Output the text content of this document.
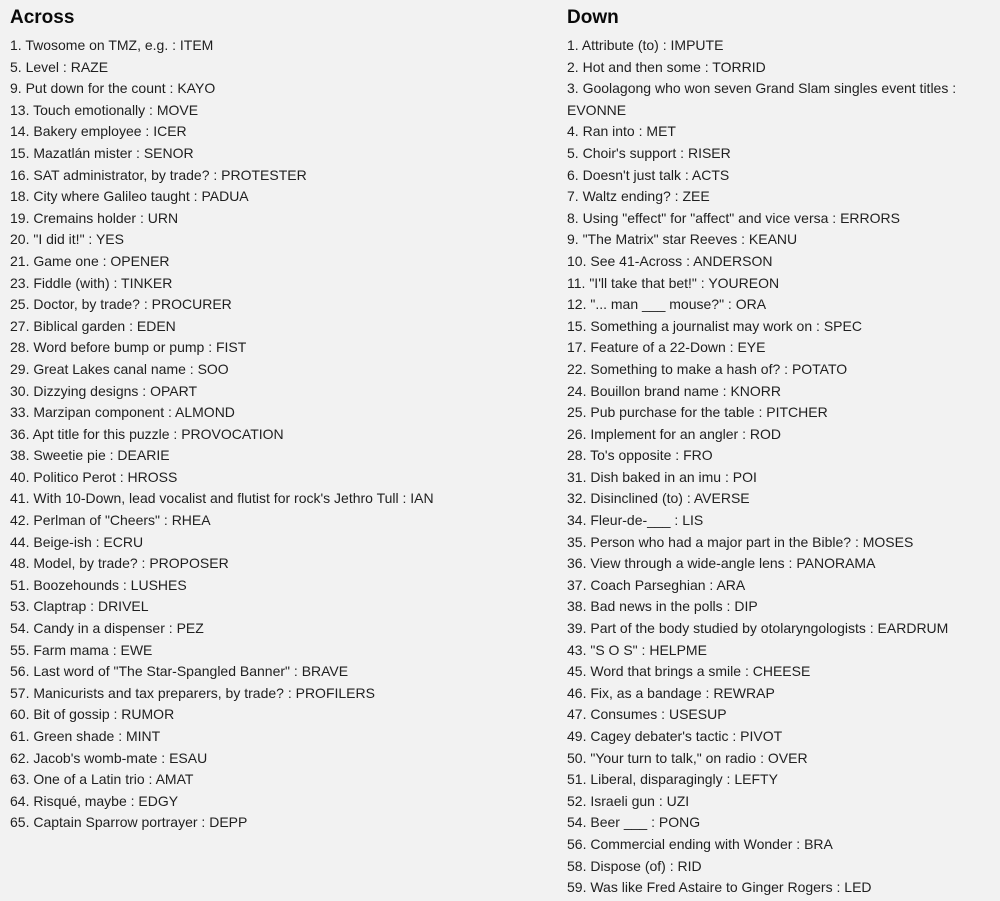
Across
1 . Twosome on TMZ, e.g. : ITEM
5 . Level : RAZE
9 . Put down for the count : KAYO
13 . Touch emotionally : MOVE
14 . Bakery employee : ICER
15 . Mazatlán mister : SENOR
16 . SAT administrator, by trade? : PROTESTER
18 . City where Galileo taught : PADUA
19 . Cremains holder : URN
20 . "I did it!" : YES
21 . Game one : OPENER
23 . Fiddle (with) : TINKER
25 . Doctor, by trade? : PROCURER
27 . Biblical garden : EDEN
28 . Word before bump or pump : FIST
29 . Great Lakes canal name : SOO
30 . Dizzying designs : OPART
33 . Marzipan component : ALMOND
36 . Apt title for this puzzle : PROVOCATION
38 . Sweetie pie : DEARIE
40 . Politico Perot : HROSS
41 . With 10-Down, lead vocalist and flutist for rock's Jethro Tull : IAN
42 . Perlman of "Cheers" : RHEA
44 . Beige-ish : ECRU
48 . Model, by trade? : PROPOSER
51 . Boozehounds : LUSHES
53 . Claptrap : DRIVEL
54 . Candy in a dispenser : PEZ
55 . Farm mama : EWE
56 . Last word of "The Star-Spangled Banner" : BRAVE
57 . Manicurists and tax preparers, by trade? : PROFILERS
60 . Bit of gossip : RUMOR
61 . Green shade : MINT
62 . Jacob's womb-mate : ESAU
63 . One of a Latin trio : AMAT
64 . Risqué, maybe : EDGY
65 . Captain Sparrow portrayer : DEPP
Down
1 . Attribute (to) : IMPUTE
2 . Hot and then some : TORRID
3 . Goolagong who won seven Grand Slam singles event titles: EVONNE
4 . Ran into : MET
5 . Choir's support : RISER
6 . Doesn't just talk : ACTS
7 . Waltz ending? : ZEE
8 . Using "effect" for "affect" and vice versa : ERRORS
9 . "The Matrix" star Reeves : KEANU
10 . See 41-Across : ANDERSON
11 . "I'll take that bet!" : YOUREON
12 . "... man ___ mouse?" : ORA
15 . Something a journalist may work on : SPEC
17 . Feature of a 22-Down : EYE
22 . Something to make a hash of? : POTATO
24 . Bouillon brand name : KNORR
25 . Pub purchase for the table : PITCHER
26 . Implement for an angler : ROD
28 . To's opposite : FRO
31 . Dish baked in an imu : POI
32 . Disinclined (to) : AVERSE
34 . Fleur-de-___ : LIS
35 . Person who had a major part in the Bible? : MOSES
36 . View through a wide-angle lens : PANORAMA
37 . Coach Parseghian : ARA
38 . Bad news in the polls : DIP
39 . Part of the body studied by otolaryngologists : EARDRUM
43 . "S O S" : HELPME
45 . Word that brings a smile : CHEESE
46 . Fix, as a bandage : REWRAP
47 . Consumes : USESUP
49 . Cagey debater's tactic : PIVOT
50 . "Your turn to talk," on radio : OVER
51 . Liberal, disparagingly : LEFTY
52 . Israeli gun : UZI
54 . Beer ___ : PONG
56 . Commercial ending with Wonder : BRA
58 . Dispose (of) : RID
59 . Was like Fred Astaire to Ginger Rogers : LED
